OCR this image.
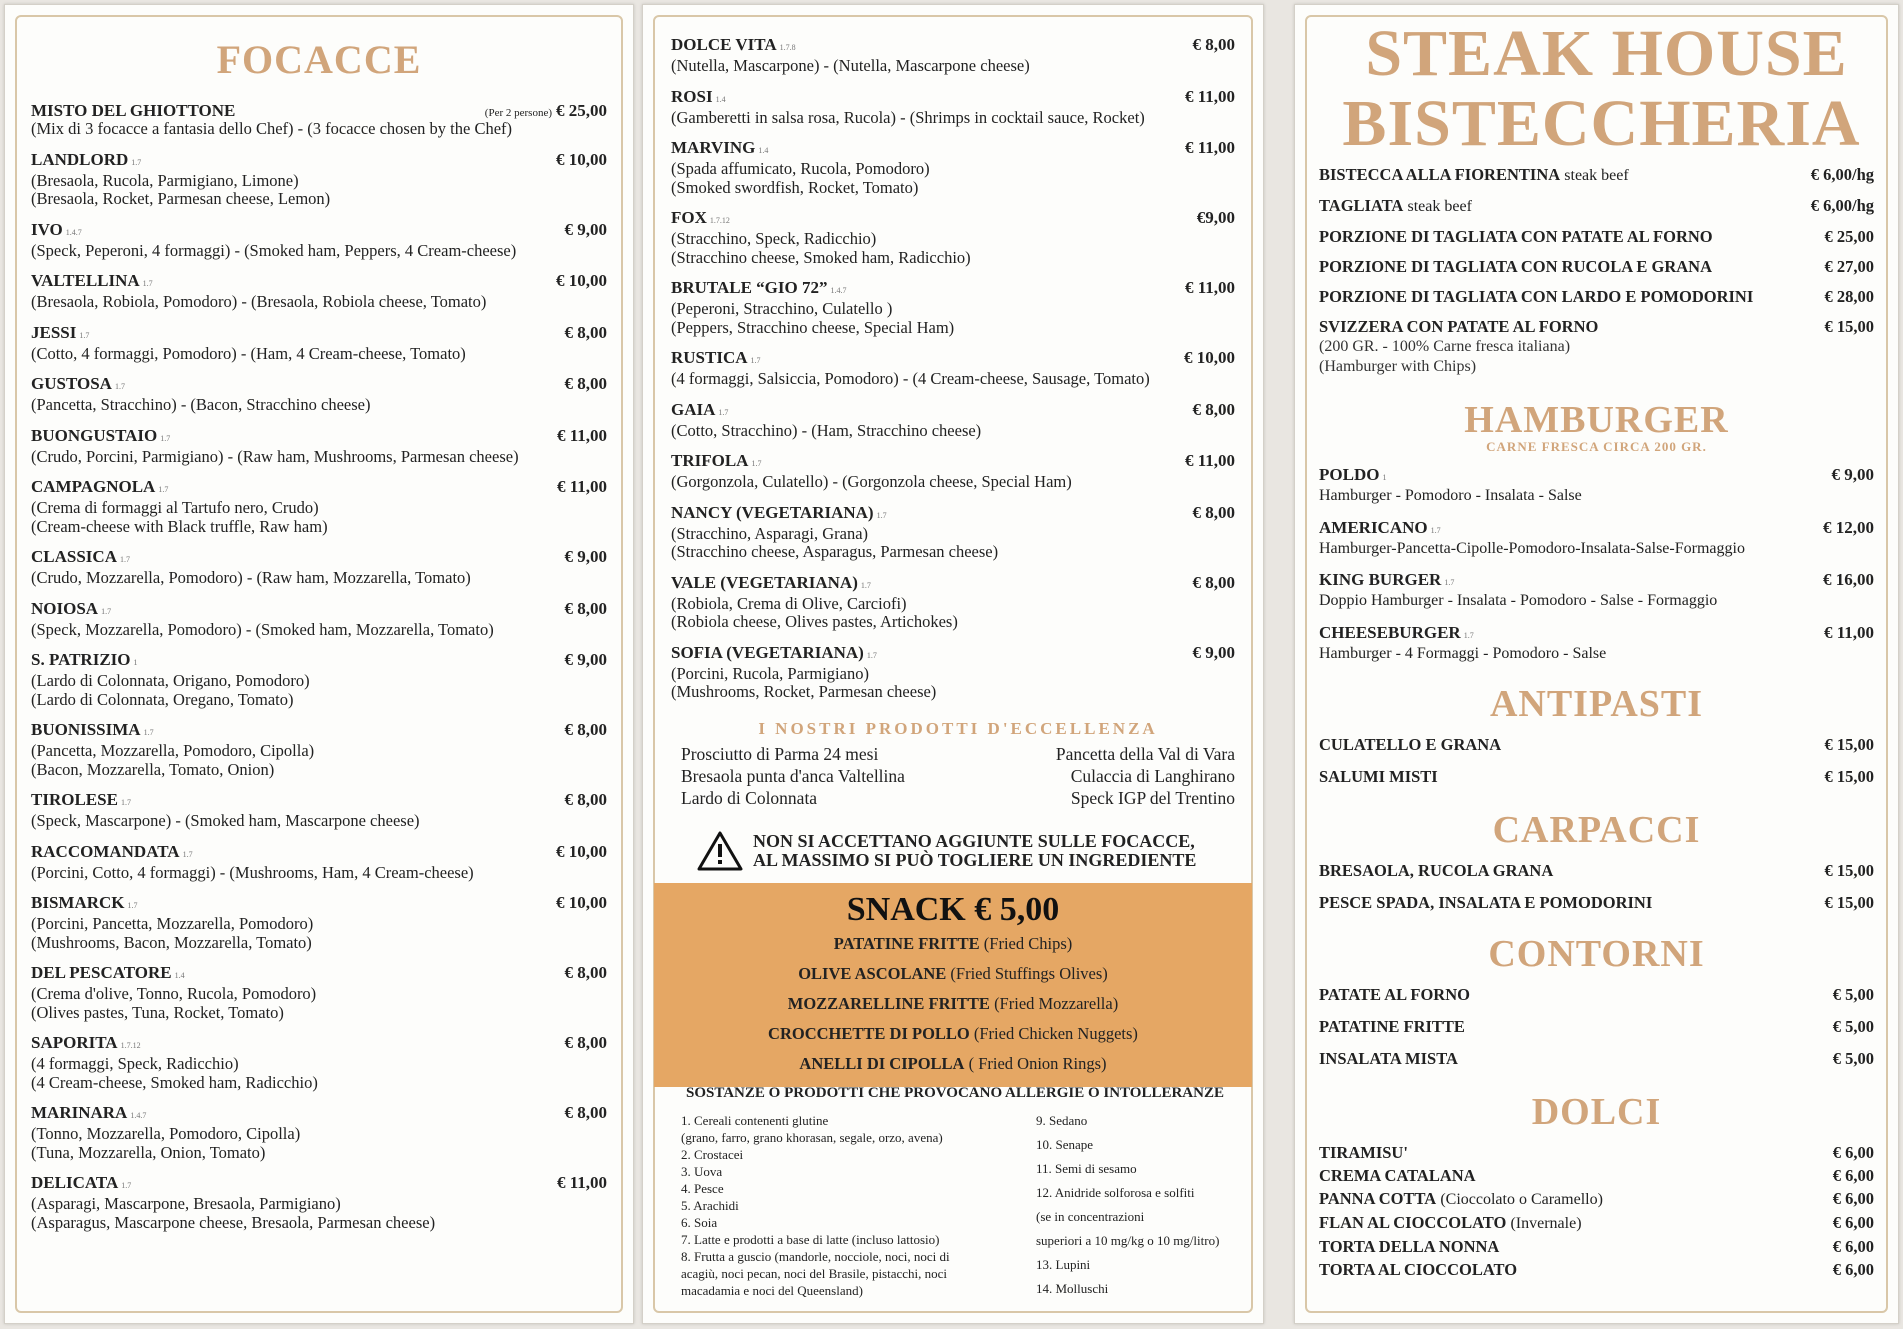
FOCACCE
MISTO DEL GHIOTTONE	(Per 2 persone) € 25,00
(Mix di 3 focacce a fantasia dello Chef) - (3 focacce chosen by the Chef)
LANDLORD 1.7	€ 10,00
(Bresaola, Rucola, Parmigiano, Limone)
(Bresaola, Rocket, Parmesan cheese, Lemon)
IVO 1.4.7	€ 9,00
(Speck, Peperoni, 4 formaggi) - (Smoked ham, Peppers, 4 Cream-cheese)
VALTELLINA 1.7	€ 10,00
(Bresaola, Robiola, Pomodoro) - (Bresaola, Robiola cheese, Tomato)
JESSI 1.7	€ 8,00
(Cotto, 4 formaggi, Pomodoro) - (Ham, 4 Cream-cheese, Tomato)
GUSTOSA 1.7	€ 8,00
(Pancetta, Stracchino) - (Bacon, Stracchino cheese)
BUONGUSTAIO 1.7	€ 11,00
(Crudo, Porcini, Parmigiano) - (Raw ham, Mushrooms, Parmesan cheese)
CAMPAGNOLA 1.7	€ 11,00
(Crema di formaggi al Tartufo nero, Crudo)
(Cream-cheese with Black truffle, Raw ham)
CLASSICA 1.7	€ 9,00
(Crudo, Mozzarella, Pomodoro) - (Raw ham, Mozzarella, Tomato)
NOIOSA 1.7	€ 8,00
(Speck, Mozzarella, Pomodoro) - (Smoked ham, Mozzarella, Tomato)
S. PATRIZIO 1	€ 9,00
(Lardo di Colonnata, Origano, Pomodoro)
(Lardo di Colonnata, Oregano, Tomato)
BUONISSIMA 1.7	€ 8,00
(Pancetta, Mozzarella, Pomodoro, Cipolla)
(Bacon, Mozzarella, Tomato, Onion)
TIROLESE 1.7	€ 8,00
(Speck, Mascarpone) - (Smoked ham, Mascarpone cheese)
RACCOMANDATA 1.7	€ 10,00
(Porcini, Cotto, 4 formaggi) - (Mushrooms, Ham, 4 Cream-cheese)
BISMARCK 1.7	€ 10,00
(Porcini, Pancetta, Mozzarella, Pomodoro)
(Mushrooms, Bacon, Mozzarella, Tomato)
DEL PESCATORE 1.4	€ 8,00
(Crema d'olive, Tonno, Rucola, Pomodoro)
(Olives pastes, Tuna, Rocket, Tomato)
SAPORITA 1.7.12	€ 8,00
(4 formaggi, Speck, Radicchio)
(4 Cream-cheese, Smoked ham, Radicchio)
MARINARA 1.4.7	€ 8,00
(Tonno, Mozzarella, Pomodoro, Cipolla)
(Tuna, Mozzarella, Onion, Tomato)
DELICATA 1.7	€ 11,00
(Asparagi, Mascarpone, Bresaola, Parmigiano)
(Asparagus, Mascarpone cheese, Bresaola, Parmesan cheese)
DOLCE VITA 1.7.8	€ 8,00
(Nutella, Mascarpone) - (Nutella, Mascarpone cheese)
ROSI 1.4	€ 11,00
(Gamberetti in salsa rosa, Rucola) - (Shrimps in cocktail sauce, Rocket)
MARVING 1.4	€ 11,00
(Spada affumicato, Rucola, Pomodoro)
(Smoked swordfish, Rocket, Tomato)
FOX 1.7.12	€9,00
(Stracchino, Speck, Radicchio)
(Stracchino cheese, Smoked ham, Radicchio)
BRUTALE “GIO 72” 1.4.7	€ 11,00
(Peperoni, Stracchino, Culatello )
(Peppers, Stracchino cheese, Special Ham)
RUSTICA 1.7	€ 10,00
(4 formaggi, Salsiccia, Pomodoro) - (4 Cream-cheese, Sausage, Tomato)
GAIA 1.7	€ 8,00
(Cotto, Stracchino) - (Ham, Stracchino cheese)
TRIFOLA 1.7	€ 11,00
(Gorgonzola, Culatello) - (Gorgonzola cheese, Special Ham)
NANCY (VEGETARIANA) 1.7	€ 8,00
(Stracchino, Asparagi, Grana)
(Stracchino cheese, Asparagus, Parmesan cheese)
VALE (VEGETARIANA) 1.7	€ 8,00
(Robiola, Crema di Olive, Carciofi)
(Robiola cheese, Olives pastes, Artichokes)
SOFIA (VEGETARIANA) 1.7	€ 9,00
(Porcini, Rucola, Parmigiano)
(Mushrooms, Rocket, Parmesan cheese)
I NOSTRI PRODOTTI D'ECCELLENZA
Prosciutto di Parma 24 mesi
Bresaola punta d'anca Valtellina
Lardo di Colonnata
Pancetta della Val di Vara
Culaccia di Langhirano
Speck IGP del Trentino
NON SI ACCETTANO AGGIUNTE SULLE FOCACCE,
AL MASSIMO SI PUÒ TOGLIERE UN INGREDIENTE
SNACK € 5,00
PATATINE FRITTE (Fried Chips)
OLIVE ASCOLANE (Fried Stuffings Olives)
MOZZARELLINE FRITTE (Fried Mozzarella)
CROCCHETTE DI POLLO (Fried Chicken Nuggets)
ANELLI DI CIPOLLA ( Fried Onion Rings)
SOSTANZE O PRODOTTI CHE PROVOCANO ALLERGIE O INTOLLERANZE
1. Cereali contenenti glutine
(grano, farro, grano khorasan, segale, orzo, avena)
2. Crostacei
3. Uova
4. Pesce
5. Arachidi
6. Soia
7. Latte e prodotti a base di latte (incluso lattosio)
8. Frutta a guscio (mandorle, nocciole, noci, noci di
acagiù, noci pecan, noci del Brasile, pistacchi, noci
macadamia e noci del Queensland)
9. Sedano
10. Senape
11. Semi di sesamo
12. Anidride solforosa e solfiti
(se in concentrazioni
superiori a 10 mg/kg o 10 mg/litro)
13. Lupini
14. Molluschi
STEAK HOUSE
BISTECCHERIA
BISTECCA ALLA FIORENTINA steak beef	€ 6,00/hg
TAGLIATA steak beef	€ 6,00/hg
PORZIONE DI TAGLIATA CON PATATE AL FORNO	€ 25,00
PORZIONE DI TAGLIATA CON RUCOLA E GRANA	€ 27,00
PORZIONE DI TAGLIATA CON LARDO E POMODORINI	€ 28,00
SVIZZERA CON PATATE AL FORNO	€ 15,00
(200 GR. - 100% Carne fresca italiana)
(Hamburger with Chips)
HAMBURGER
CARNE FRESCA CIRCA 200 GR.
POLDO 1	€ 9,00
Hamburger - Pomodoro - Insalata - Salse
AMERICANO 1.7	€ 12,00
Hamburger-Pancetta-Cipolle-Pomodoro-Insalata-Salse-Formaggio
KING BURGER 1.7	€ 16,00
Doppio Hamburger - Insalata - Pomodoro - Salse - Formaggio
CHEESEBURGER 1.7	€ 11,00
Hamburger - 4 Formaggi - Pomodoro - Salse
ANTIPASTI
CULATELLO E GRANA	€ 15,00
SALUMI MISTI	€ 15,00
CARPACCI
BRESAOLA, RUCOLA GRANA	€ 15,00
PESCE SPADA, INSALATA E POMODORINI	€ 15,00
CONTORNI
PATATE AL FORNO	€ 5,00
PATATINE FRITTE	€ 5,00
INSALATA MISTA	€ 5,00
DOLCI
TIRAMISU'	€ 6,00
CREMA CATALANA	€ 6,00
PANNA COTTA (Cioccolato o Caramello)	€ 6,00
FLAN AL CIOCCOLATO (Invernale)	€ 6,00
TORTA DELLA NONNA	€ 6,00
TORTA AL CIOCCOLATO	€ 6,00
